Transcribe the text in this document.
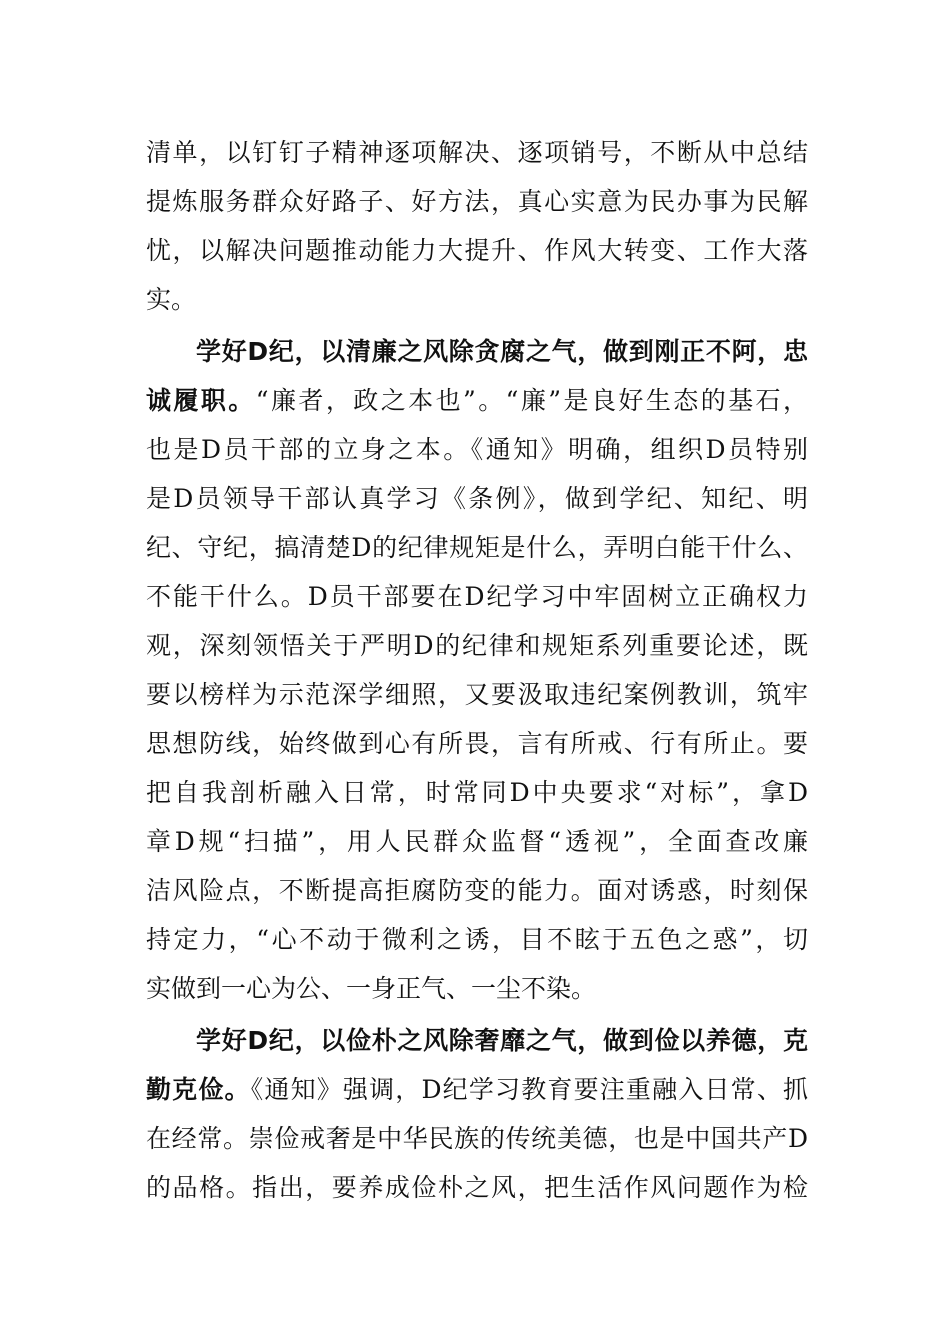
清单，以钉钉子精神逐项解决、逐项销号，不断从中总结
提炼服务群众好路子、好方法，真心实意为民办事为民解
忧，以解决问题推动能力大提升、作风大转变、工作大落
实。
学好D纪，以清廉之风除贪腐之气，做到刚正不阿，忠
诚履职。“廉者，政之本也”。“廉”是良好生态的基石，
也是D员干部的立身之本。《通知》明确，组织D员特别
是D员领导干部认真学习《条例》，做到学纪、知纪、明
纪、守纪，搞清楚D的纪律规矩是什么，弄明白能干什么、
不能干什么。D员干部要在D纪学习中牢固树立正确权力
观，深刻领悟关于严明D的纪律和规矩系列重要论述，既
要以榜样为示范深学细照，又要汲取违纪案例教训，筑牢
思想防线，始终做到心有所畏，言有所戒、行有所止。要
把自我剖析融入日常，时常同D中央要求“对标”，拿D
章D规“扫描”，用人民群众监督“透视”，全面查改廉
洁风险点，不断提高拒腐防变的能力。面对诱惑，时刻保
持定力，“心不动于微利之诱，目不眩于五色之惑”，切
实做到一心为公、一身正气、一尘不染。
学好D纪，以俭朴之风除奢靡之气，做到俭以养德，克
勤克俭。《通知》强调，D纪学习教育要注重融入日常、抓
在经常。崇俭戒奢是中华民族的传统美德，也是中国共产D
的品格。指出，要养成俭朴之风，把生活作风问题作为检
